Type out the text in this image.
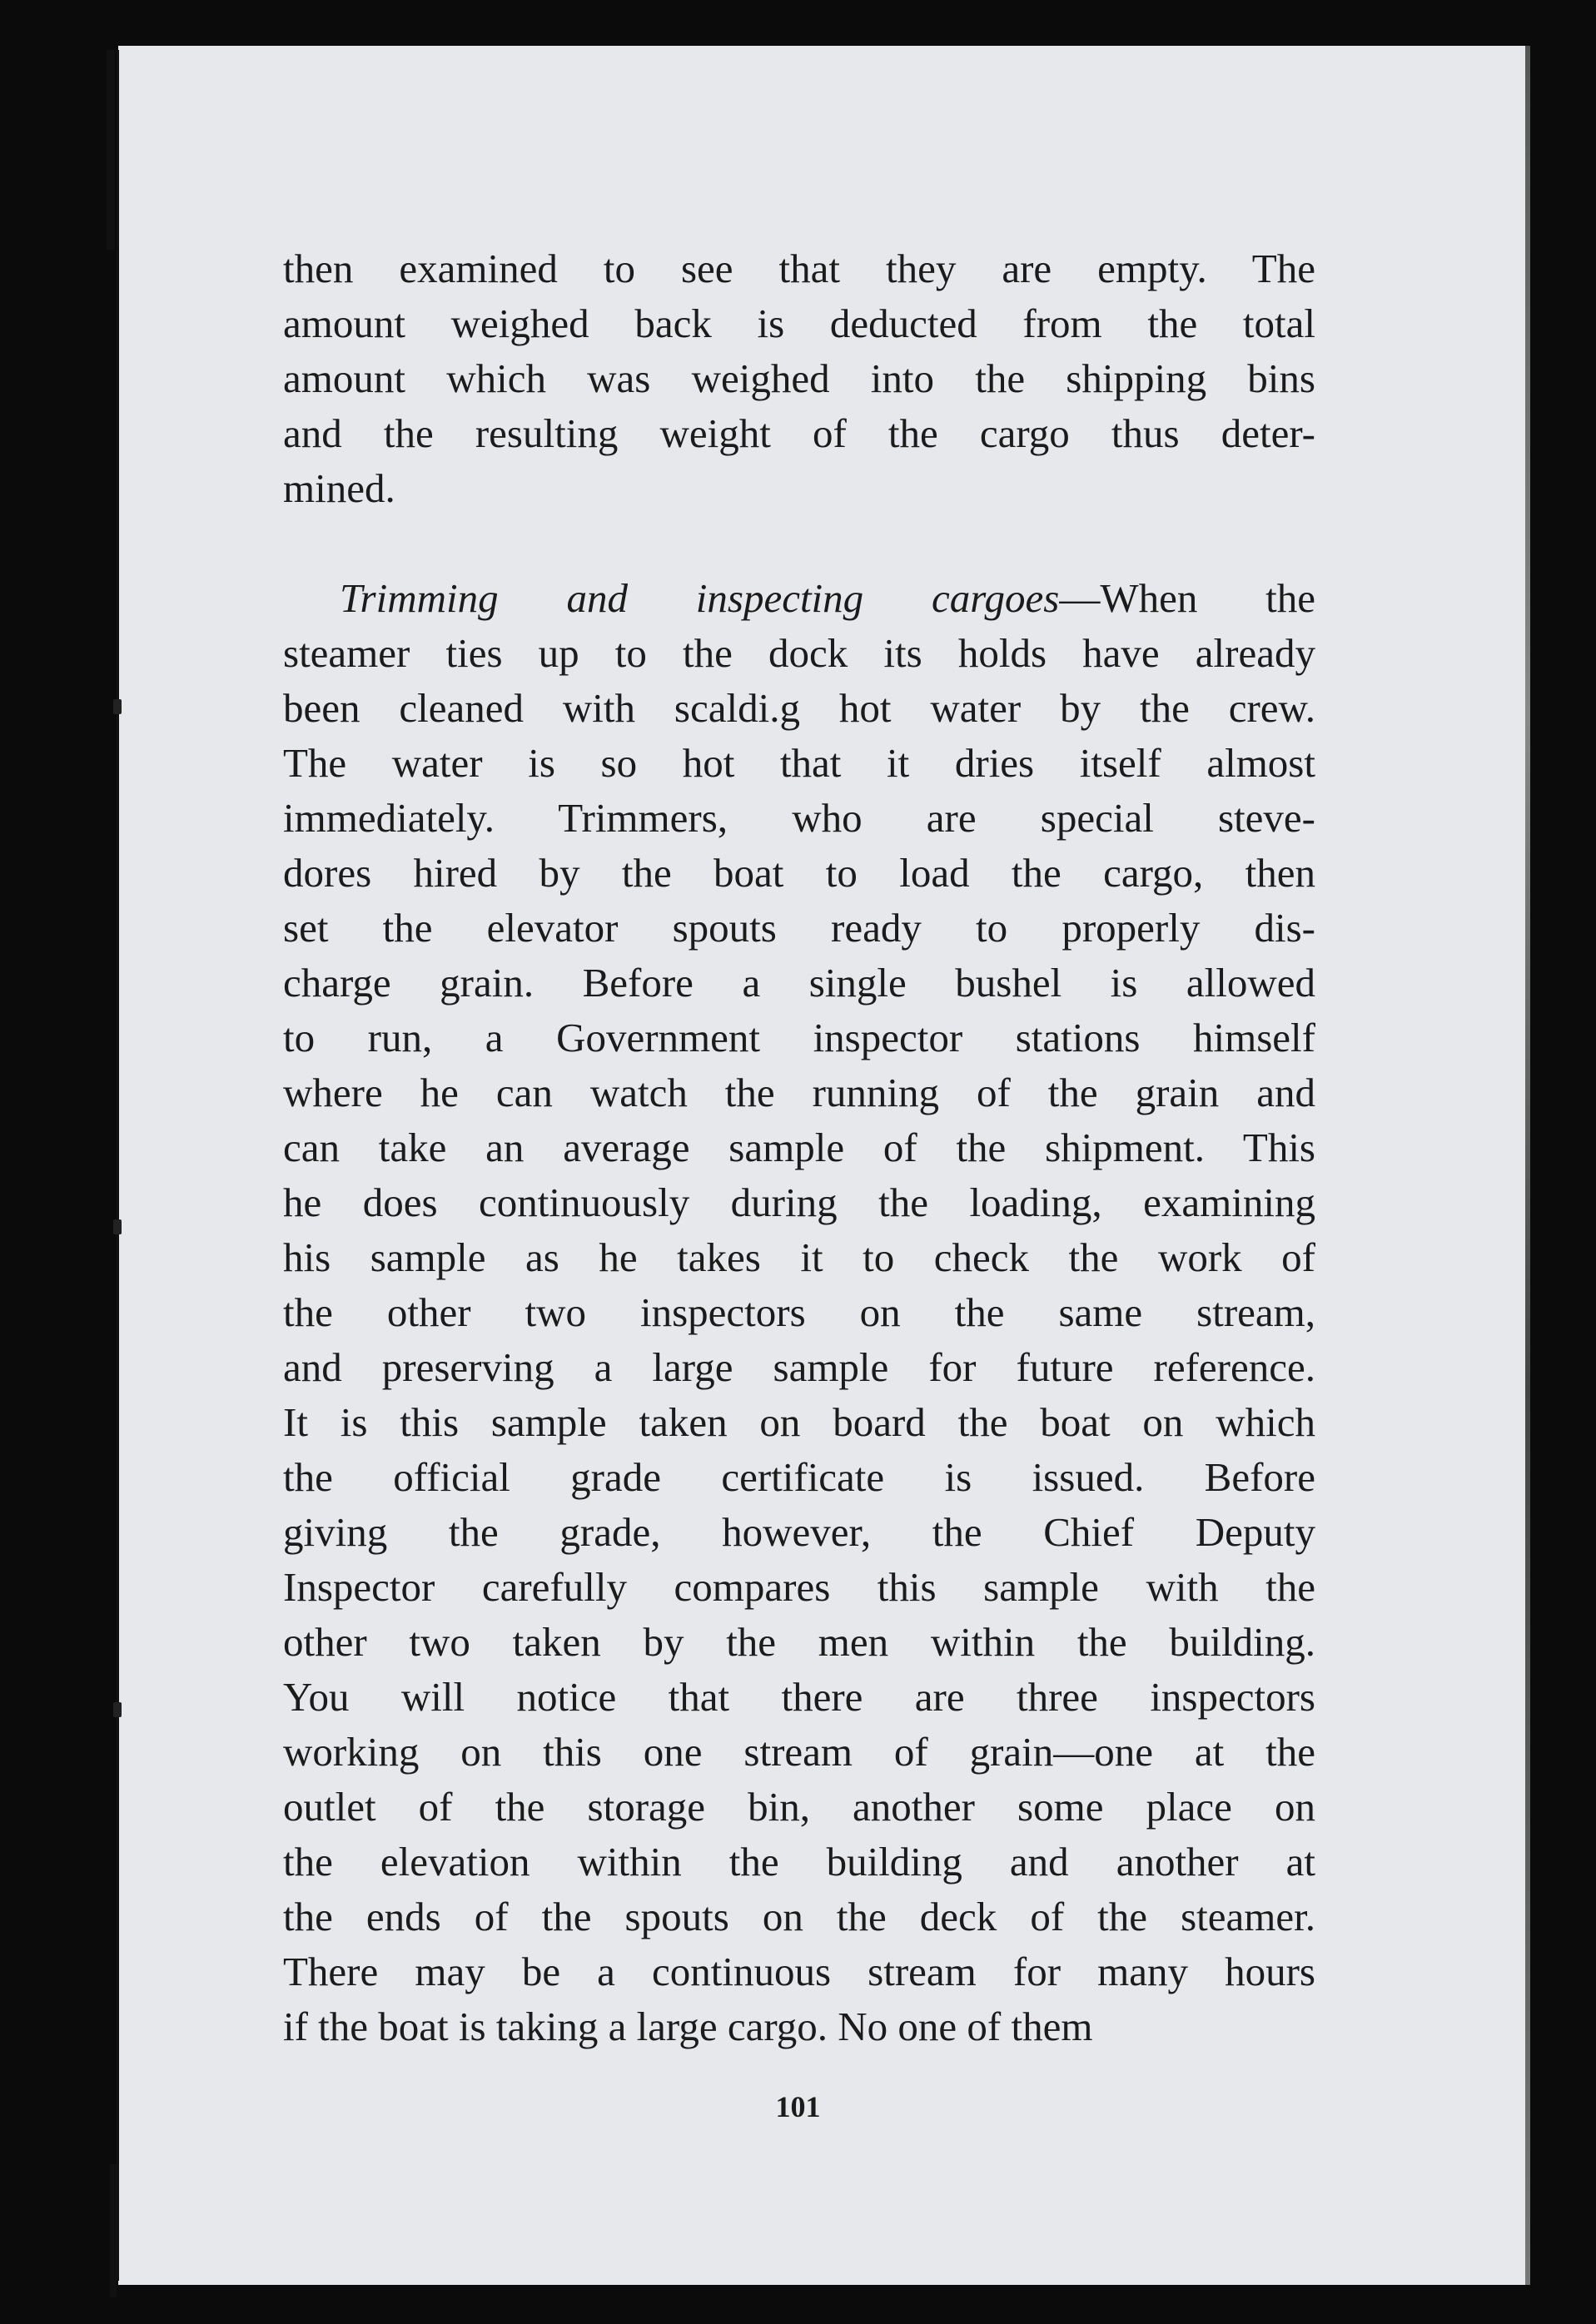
then examined to see that they are empty. The
amount weighed back is deducted from the total
amount which was weighed into the shipping bins
and the resulting weight of the cargo thus deter-
mined.
Trimming and inspecting cargoes—When the
steamer ties up to the dock its holds have already
been cleaned with scaldi.g hot water by the crew.
The water is so hot that it dries itself almost
immediately. Trimmers, who are special steve-
dores hired by the boat to load the cargo, then
set the elevator spouts ready to properly dis-
charge grain. Before a single bushel is allowed
to run, a Government inspector stations himself
where he can watch the running of the grain and
can take an average sample of the shipment. This
he does continuously during the loading, examining
his sample as he takes it to check the work of
the other two inspectors on the same stream,
and preserving a large sample for future reference.
It is this sample taken on board the boat on which
the official grade certificate is issued. Before
giving the grade, however, the Chief Deputy
Inspector carefully compares this sample with the
other two taken by the men within the building.
You will notice that there are three inspectors
working on this one stream of grain—one at the
outlet of the storage bin, another some place on
the elevation within the building and another at
the ends of the spouts on the deck of the steamer.
There may be a continuous stream for many hours
if the boat is taking a large cargo. No one of them
101
